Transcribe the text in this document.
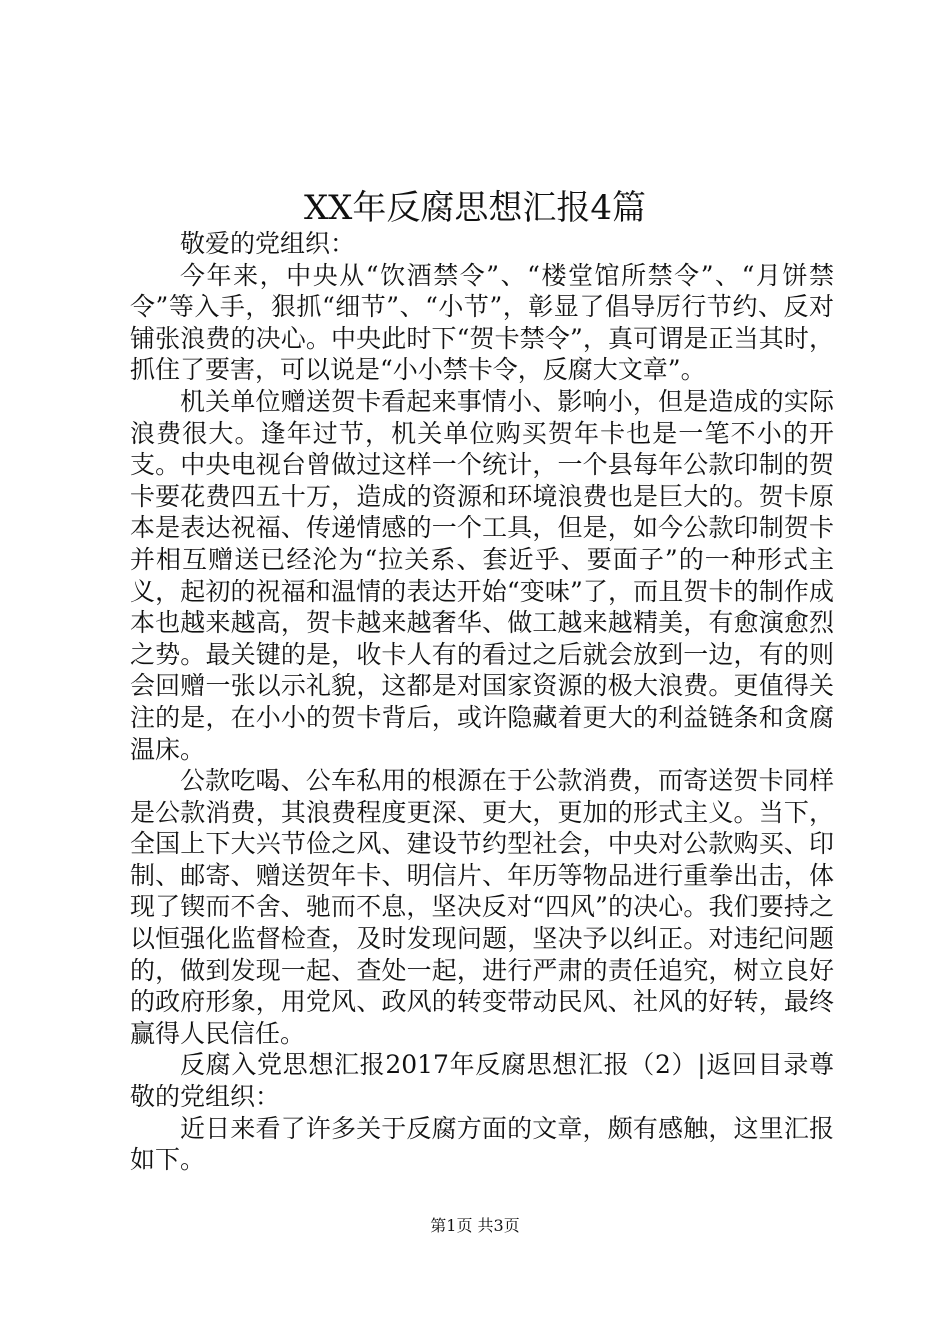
XX年反腐思想汇报4篇

敬爱的党组织：

今年来，中央从“饮酒禁令”、“楼堂馆所禁令”、“月饼禁令”等入手，狠抓“细节”、“小节”，彰显了倡导厉行节约、反对铺张浪费的决心。中央此时下“贺卡禁令”，真可谓是正当其时，抓住了要害，可以说是“小小禁卡令，反腐大文章”。

机关单位赠送贺卡看起来事情小、影响小，但是造成的实际浪费很大。逢年过节，机关单位购买贺年卡也是一笔不小的开支。中央电视台曾做过这样一个统计，一个县每年公款印制的贺卡要花费四五十万，造成的资源和环境浪费也是巨大的。贺卡原本是表达祝福、传递情感的一个工具，但是，如今公款印制贺卡并相互赠送已经沦为“拉关系、套近乎、要面子”的一种形式主义，起初的祝福和温情的表达开始“变味”了，而且贺卡的制作成本也越来越高，贺卡越来越奢华、做工越来越精美，有愈演愈烈之势。最关键的是，收卡人有的看过之后就会放到一边，有的则会回赠一张以示礼貌，这都是对国家资源的极大浪费。更值得关注的是，在小小的贺卡背后，或许隐藏着更大的利益链条和贪腐温床。

公款吃喝、公车私用的根源在于公款消费，而寄送贺卡同样是公款消费，其浪费程度更深、更大，更加的形式主义。当下，全国上下大兴节俭之风、建设节约型社会，中央对公款购买、印制、邮寄、赠送贺年卡、明信片、年历等物品进行重拳出击，体现了锲而不舍、驰而不息，坚决反对“四风”的决心。我们要持之以恒强化监督检查，及时发现问题，坚决予以纠正。对违纪问题的，做到发现一起、查处一起，进行严肃的责任追究，树立良好的政府形象，用党风、政风的转变带动民风、社风的好转，最终赢得人民信任。

反腐入党思想汇报2017年反腐思想汇报（2）|返回目录尊敬的党组织：

近日来看了许多关于反腐方面的文章，颇有感触，这里汇报如下。

第1页 共3页
